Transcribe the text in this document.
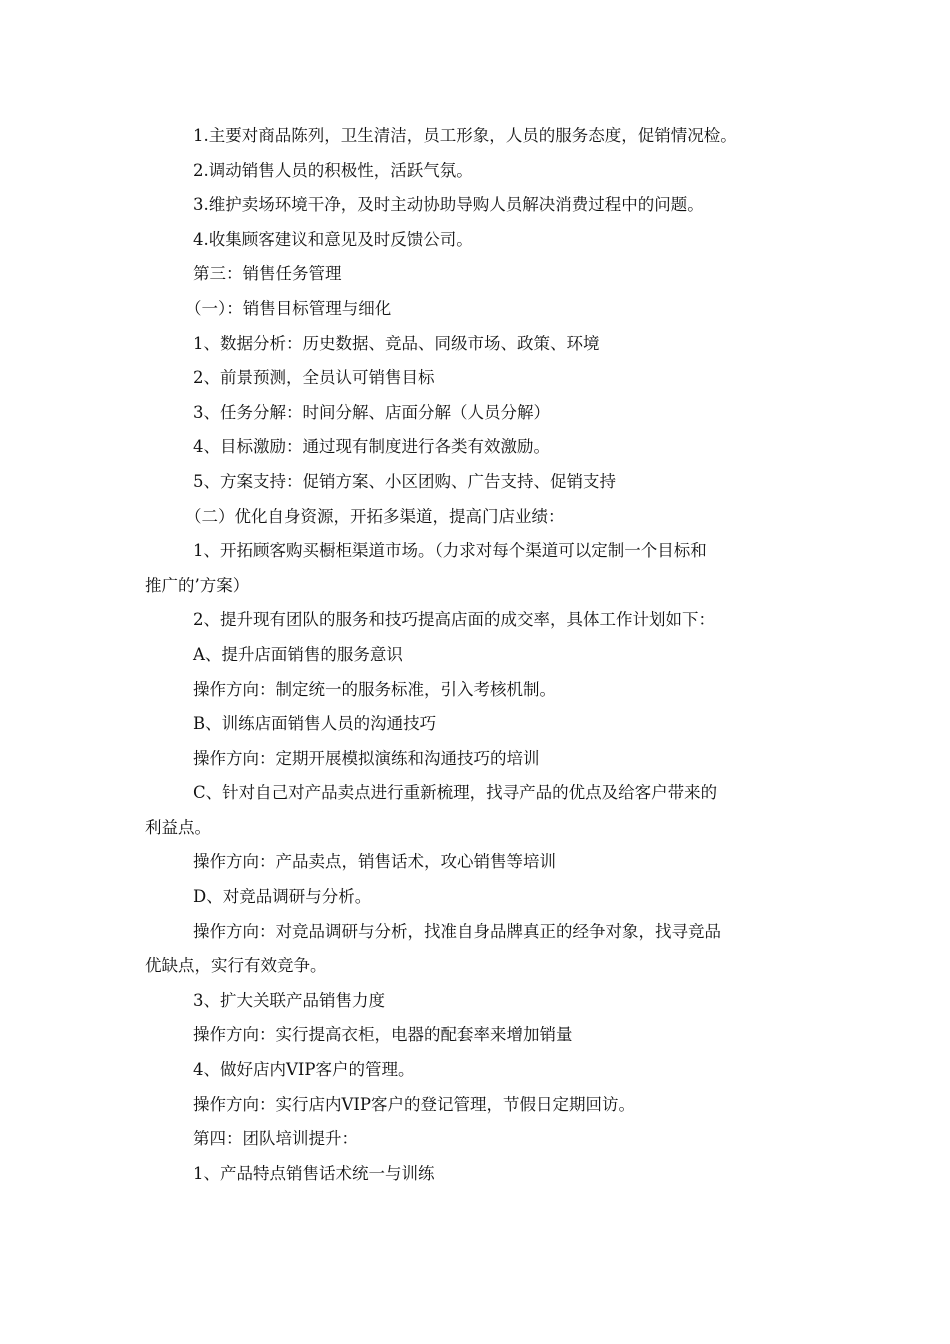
1.主要对商品陈列，卫生清洁，员工形象，人员的服务态度，促销情况检。
2.调动销售人员的积极性，活跃气氛。
3.维护卖场环境干净，及时主动协助导购人员解决消费过程中的问题。
4.收集顾客建议和意见及时反馈公司。
第三：销售任务管理
（一）：销售目标管理与细化
1、数据分析：历史数据、竞品、同级市场、政策、环境
2、前景预测，全员认可销售目标
3、任务分解：时间分解、店面分解（人员分解）
4、目标激励：通过现有制度进行各类有效激励。
5、方案支持：促销方案、小区团购、广告支持、促销支持
（二）优化自身资源，开拓多渠道，提高门店业绩：
1、开拓顾客购买橱柜渠道市场。（力求对每个渠道可以定制一个目标和
推广的’方案）
2、提升现有团队的服务和技巧提高店面的成交率，具体工作计划如下：
A、提升店面销售的服务意识
操作方向：制定统一的服务标准，引入考核机制。
B、训练店面销售人员的沟通技巧
操作方向：定期开展模拟演练和沟通技巧的培训
C、针对自己对产品卖点进行重新梳理，找寻产品的优点及给客户带来的
利益点。
操作方向：产品卖点，销售话术，攻心销售等培训
D、对竞品调研与分析。
操作方向：对竞品调研与分析，找准自身品牌真正的经争对象，找寻竞品
优缺点，实行有效竞争。
3、扩大关联产品销售力度
操作方向：实行提高衣柜，电器的配套率来增加销量
4、做好店内VIP客户的管理。
操作方向：实行店内VIP客户的登记管理，节假日定期回访。
第四：团队培训提升：
1、产品特点销售话术统一与训练
